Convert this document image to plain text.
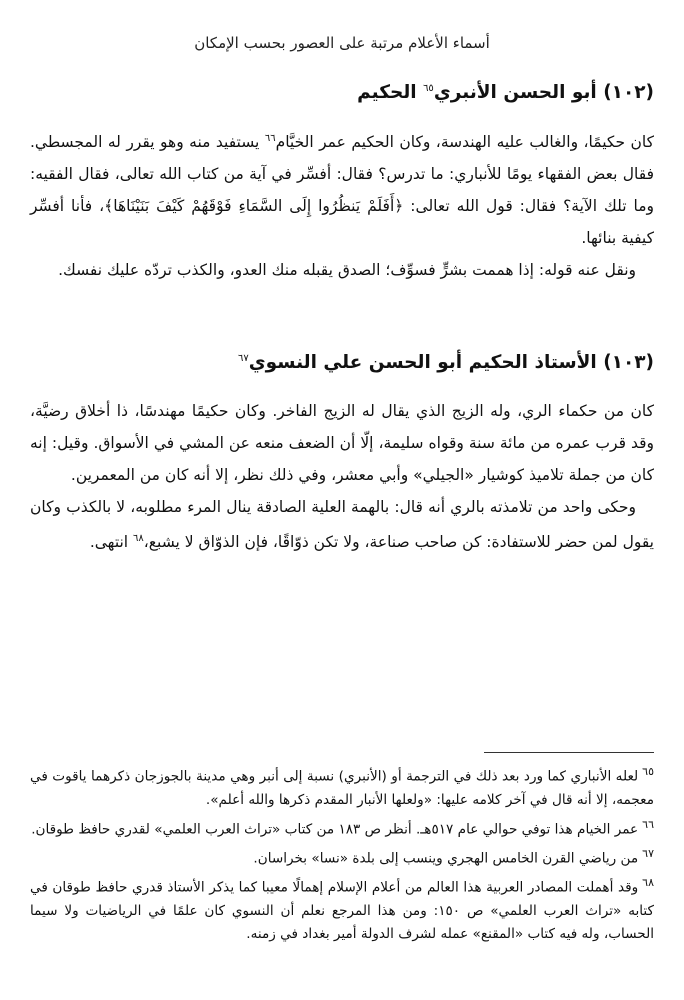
أسماء الأعلام مرتبة على العصور بحسب الإمكان
(١٠٢) أبو الحسن الأنبري$^{٦٥}$ الحكيم

كان حكيمًا، والغالب عليه الهندسة، وكان الحكيم عمر الخيَّام$^{٦٦}$ يستفيد منه وهو يقرر له المجسطي. فقال بعض الفقهاء يومًا للأنباري: ما تدرس؟ فقال: أفسِّر في آية من كتاب الله تعالى، فقال الفقيه: وما تلك الآية؟ فقال: قول الله تعالى: ﴿أَفَلَمْ يَنظُرُوا إِلَى السَّمَاءِ فَوْقَهُمْ كَيْفَ بَنَيْنَاهَا﴾، فأنا أفسِّر كيفية بنائها.

ونقل عنه قوله: إذا هممت بشرٍّ فسوِّف؛ الصدق يقبله منك العدو، والكذب تردّه عليك نفسك.

(١٠٣) الأستاذ الحكيم أبو الحسن علي النسوي$^{٦٧}$

كان من حكماء الري، وله الزيج الذي يقال له الزيج الفاخر. وكان حكيمًا مهندسًا، ذا أخلاق رضيَّة، وقد قرب عمره من مائة سنة وقواه سليمة، إلّا أن الضعف منعه عن المشي في الأسواق. وقيل: إنه كان من جملة تلاميذ كوشيار «الجيلي» وأبي معشر، وفي ذلك نظر، إلا أنه كان من المعمرين.

وحكى واحد من تلامذته بالري أنه قال: بالهمة العلية الصادقة ينال المرء مطلوبه، لا بالكذب وكان يقول لمن حضر للاستفادة: كن صاحب صناعة، ولا تكن ذوّاقًا، فإن الذوّاق لا يشبع،$^{٦٨}$ انتهى.

$^{٦٥}$لعله الأنباري كما ورد بعد ذلك في الترجمة أو (الأنبري) نسبة إلى أنبر وهي مدينة بالجوزجان ذكرهما ياقوت في معجمه، إلا أنه قال في آخر كلامه عليها: «ولعلها الأنبار المقدم ذكرها والله أعلم».

$^{٦٦}$عمر الخيام هذا توفي حوالي عام ٥١٧هـ. أنظر ص ١٨٣ من كتاب «تراث العرب العلمي» لقدري حافظ طوقان.

$^{٦٧}$من رياضي القرن الخامس الهجري وينسب إلى بلدة «نسا» بخراسان.

$^{٦٨}$وقد أهملت المصادر العربية هذا العالم من أعلام الإسلام إهمالًا معيبا كما يذكر الأستاذ قدري حافظ طوقان في كتابه «تراث العرب العلمي» ص ١٥٠: ومن هذا المرجع نعلم أن النسوي كان علمًا في الرياضيات ولا سيما الحساب، وله فيه كتاب «المقنع» عمله لشرف الدولة أمير بغداد في زمنه.
